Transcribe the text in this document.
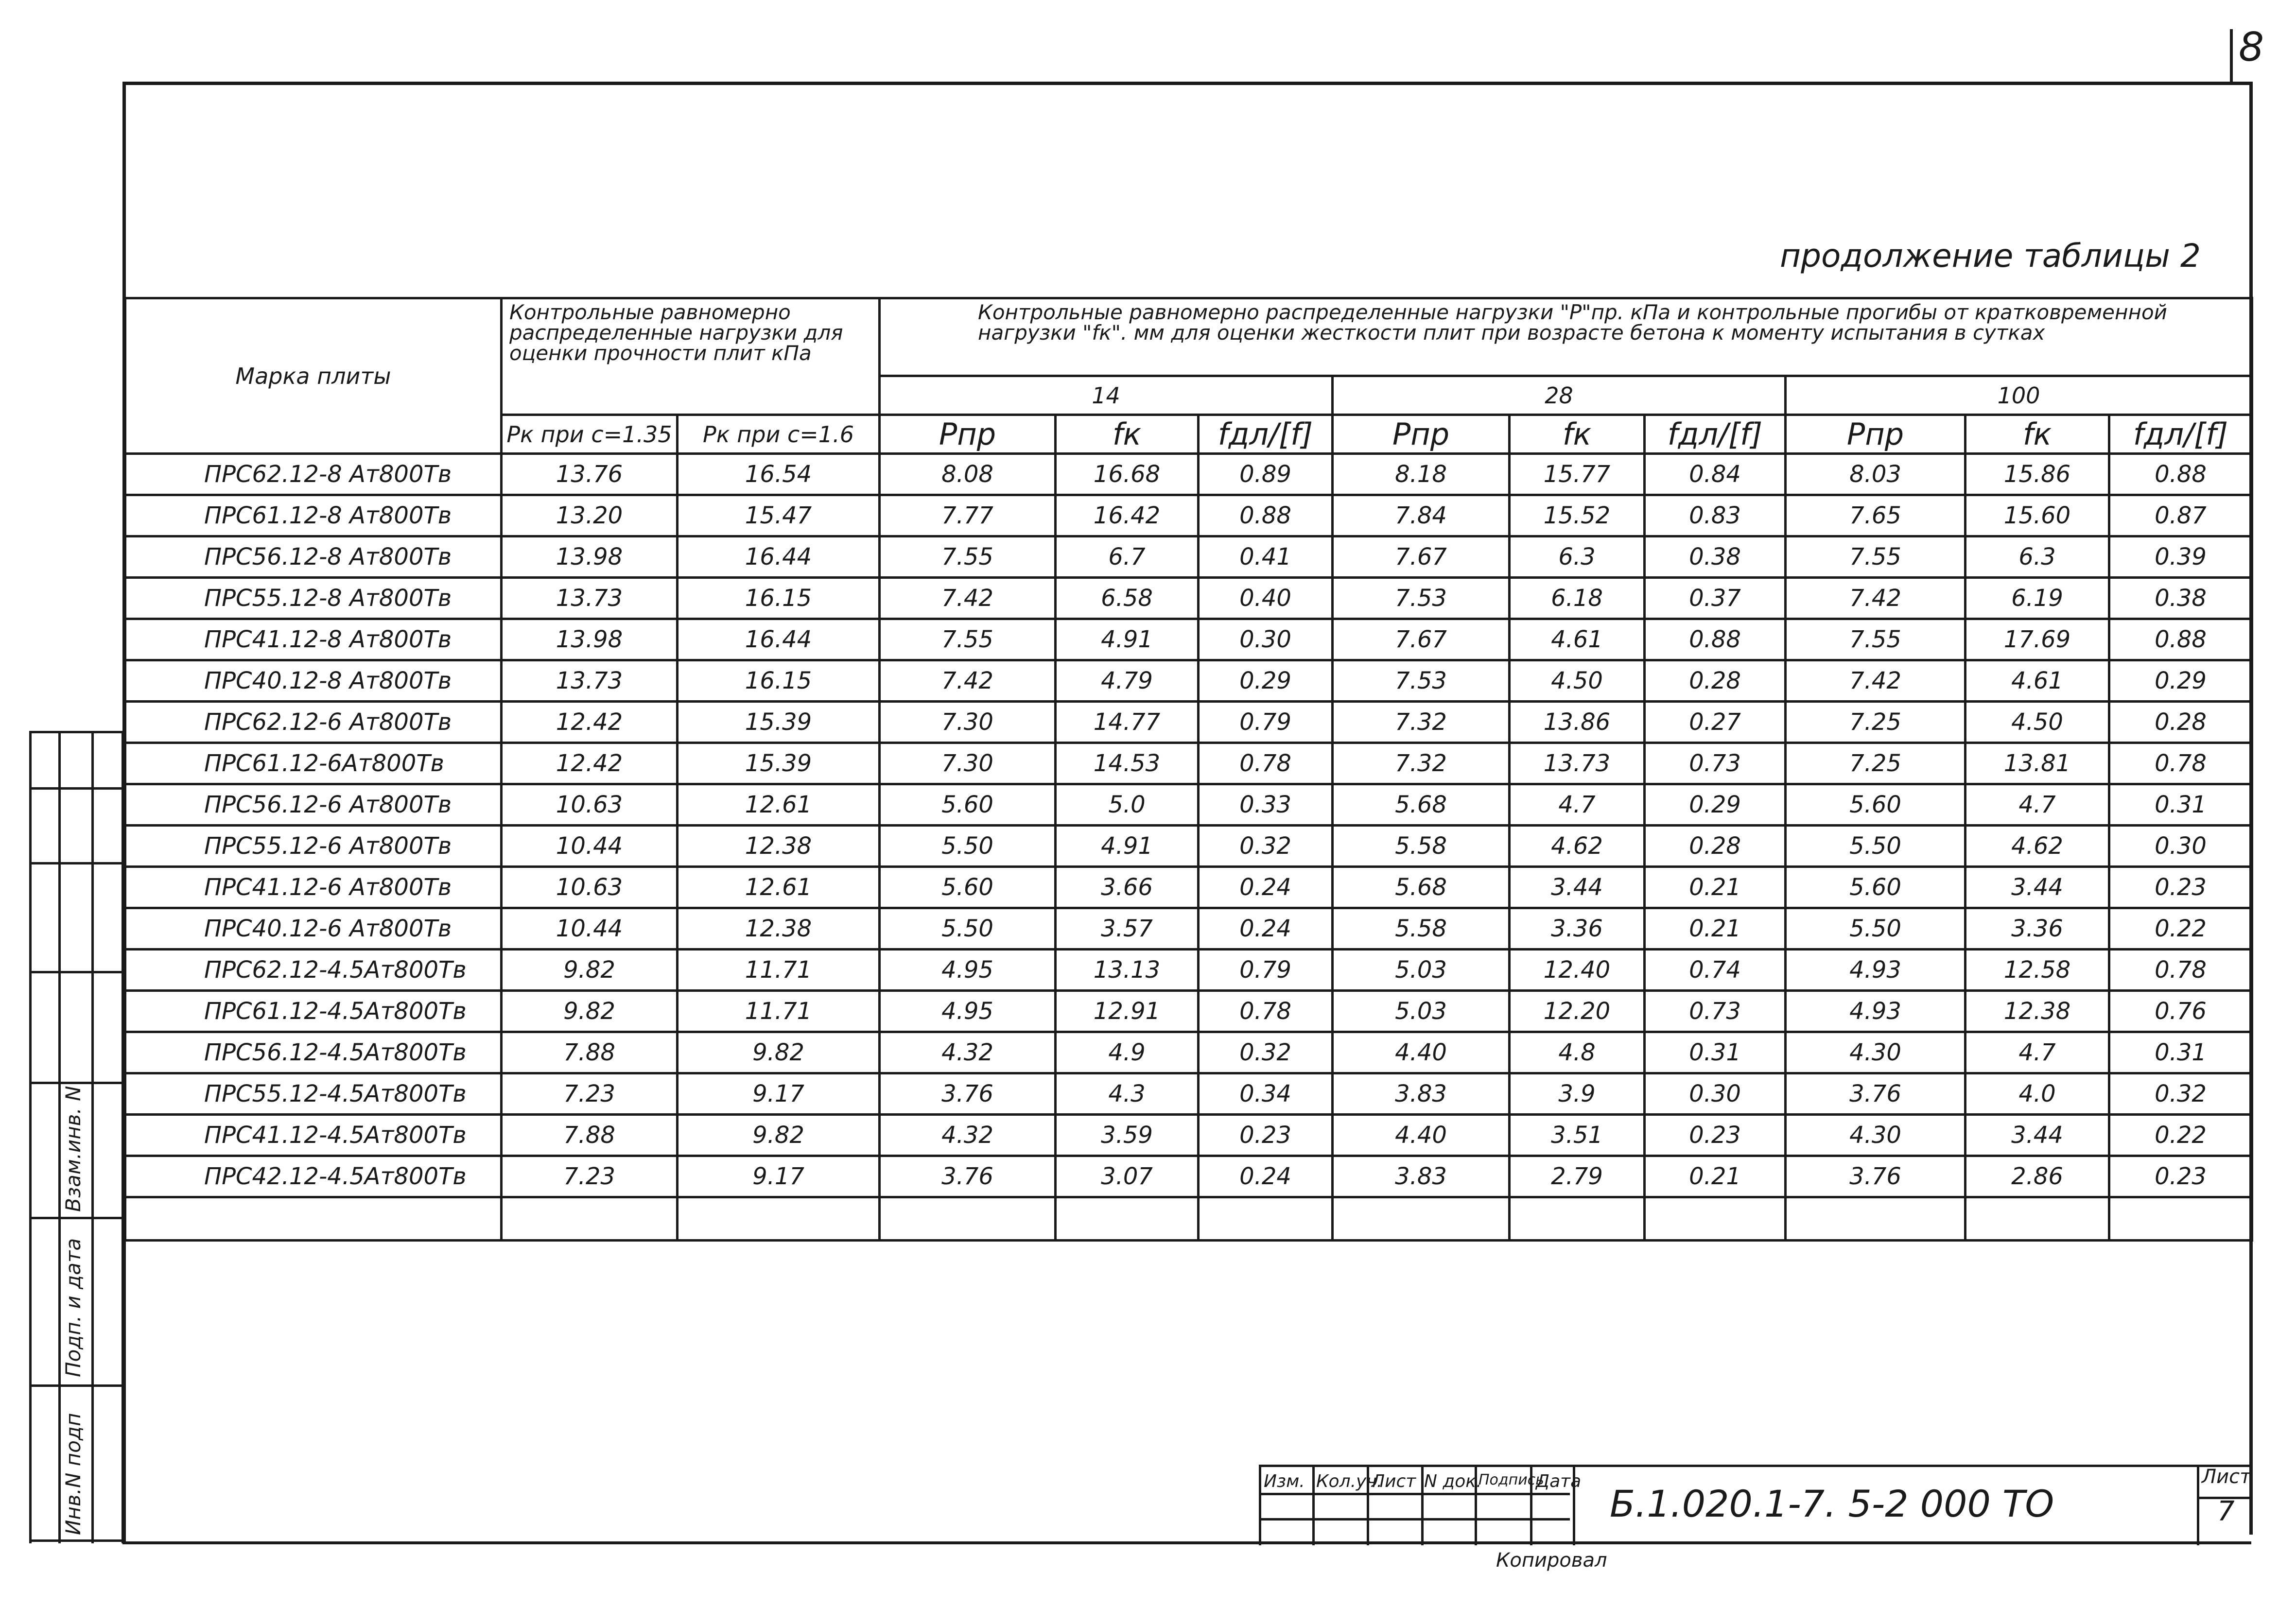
8
продолжение таблицы 2
Марка плиты	Контрольные равномерно распределенные нагрузки для оценки прочности плит кПа		Контрольные равномерно распределенные нагрузки "Р"пр. кПа и контрольные прогибы от кратковременной нагрузки "fк". мм для оценки жесткости плит при возрасте бетона к моменту испытания в сутках								
			14			28			100		
	Рк при с=1.35	Рк при с=1.6	Рпр	fк	fдл/[f]	Рпр	fк	fдл/[f]	Рпр	fк	fдл/[f]
ПРС62.12-8 Ат800Тв	13.76	16.54	8.08	16.68	0.89	8.18	15.77	0.84	8.03	15.86	0.88
ПРС61.12-8 Ат800Тв	13.20	15.47	7.77	16.42	0.88	7.84	15.52	0.83	7.65	15.60	0.87
ПРС56.12-8 Ат800Тв	13.98	16.44	7.55	6.7	0.41	7.67	6.3	0.38	7.55	6.3	0.39
ПРС55.12-8 Ат800Тв	13.73	16.15	7.42	6.58	0.40	7.53	6.18	0.37	7.42	6.19	0.38
ПРС41.12-8 Ат800Тв	13.98	16.44	7.55	4.91	0.30	7.67	4.61	0.88	7.55	17.69	0.88
ПРС40.12-8 Ат800Тв	13.73	16.15	7.42	4.79	0.29	7.53	4.50	0.28	7.42	4.61	0.29
ПРС62.12-6 Ат800Тв	12.42	15.39	7.30	14.77	0.79	7.32	13.86	0.27	7.25	4.50	0.28
ПРС61.12-6Ат800Тв	12.42	15.39	7.30	14.53	0.78	7.32	13.73	0.73	7.25	13.81	0.78
ПРС56.12-6 Ат800Тв	10.63	12.61	5.60	5.0	0.33	5.68	4.7	0.29	5.60	4.7	0.31
ПРС55.12-6 Ат800Тв	10.44	12.38	5.50	4.91	0.32	5.58	4.62	0.28	5.50	4.62	0.30
ПРС41.12-6 Ат800Тв	10.63	12.61	5.60	3.66	0.24	5.68	3.44	0.21	5.60	3.44	0.23
ПРС40.12-6 Ат800Тв	10.44	12.38	5.50	3.57	0.24	5.58	3.36	0.21	5.50	3.36	0.22
ПРС62.12-4.5Ат800Тв	9.82	11.71	4.95	13.13	0.79	5.03	12.40	0.74	4.93	12.58	0.78
ПРС61.12-4.5Ат800Тв	9.82	11.71	4.95	12.91	0.78	5.03	12.20	0.73	4.93	12.38	0.76
ПРС56.12-4.5Ат800Тв	7.88	9.82	4.32	4.9	0.32	4.40	4.8	0.31	4.30	4.7	0.31
ПРС55.12-4.5Ат800Тв	7.23	9.17	3.76	4.3	0.34	3.83	3.9	0.30	3.76	4.0	0.32
ПРС41.12-4.5Ат800Тв	7.88	9.82	4.32	3.59	0.23	4.40	3.51	0.23	4.30	3.44	0.22
ПРС42.12-4.5Ат800Тв	7.23	9.17	3.76	3.07	0.24	3.83	2.79	0.21	3.76	2.86	0.23

Взам.инв. N
Подп. и дата
Инв.N подп	Изм. Кол.уч.
Лист N док.
Подпись
Дата
Б.1.020.1-7. 5-2 000 ТО
Лист
7
Копировал
